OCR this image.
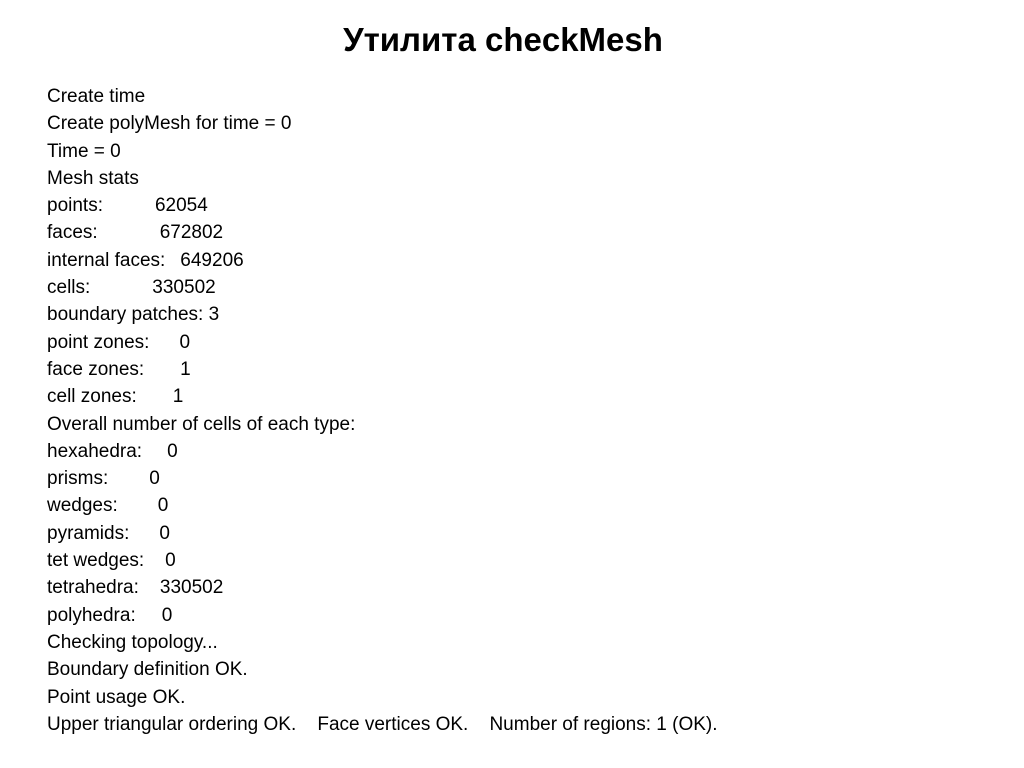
Утилита checkMesh
Create time
Create polyMesh for time = 0
Time = 0
Mesh stats
points:	62054
faces:	672802
internal faces: 649206
cells:	330502
boundary patches: 3
point zones: 0
face zones: 1
cell zones: 1
Overall number of cells of each type:
hexahedra: 0
prisms: 0
wedges: 0
pyramids: 0
tet wedges: 0
tetrahedra: 330502
polyhedra: 0
Checking topology...
Boundary definition OK.
Point usage OK.
Upper triangular ordering OK.    Face vertices OK.    Number of regions: 1 (OK).
